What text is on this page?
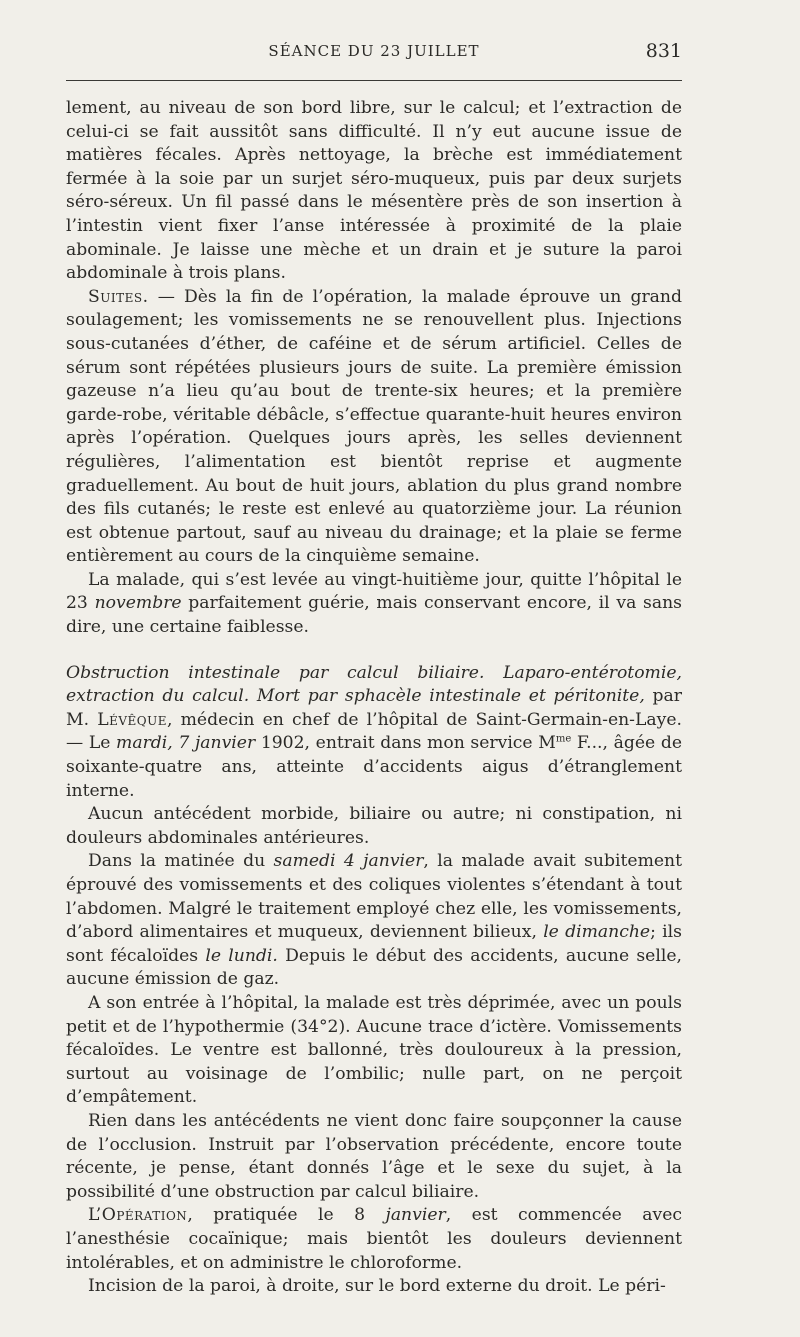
SÉANCE DU 23 JUILLET	831

lement, au niveau de son bord libre, sur le calcul; et l’extraction de celui-ci se fait aussitôt sans difficulté. Il n’y eut aucune issue de matières fécales. Après nettoyage, la brèche est immédiatement fermée à la soie par un surjet séro-muqueux, puis par deux surjets séro-séreux. Un fil passé dans le mésentère près de son insertion à l’intestin vient fixer l’anse intéressée à proximité de la plaie abominale. Je laisse une mèche et un drain et je suture la paroi abdominale à trois plans.

Suites. — Dès la fin de l’opération, la malade éprouve un grand soulagement; les vomissements ne se renouvellent plus. Injections sous-cutanées d’éther, de caféine et de sérum artificiel. Celles de sérum sont répétées plusieurs jours de suite. La première émission gazeuse n’a lieu qu’au bout de trente-six heures; et la première garde-robe, véritable débâcle, s’effectue quarante-huit heures environ après l’opération. Quelques jours après, les selles deviennent régulières, l’alimentation est bientôt reprise et augmente graduellement. Au bout de huit jours, ablation du plus grand nombre des fils cutanés; le reste est enlevé au quatorzième jour. La réunion est obtenue partout, sauf au niveau du drainage; et la plaie se ferme entièrement au cours de la cinquième semaine.

La malade, qui s’est levée au vingt-huitième jour, quitte l’hôpital le 23 novembre parfaitement guérie, mais conservant encore, il va sans dire, une certaine faiblesse.

Obstruction intestinale par calcul biliaire. Laparo-entérotomie, extraction du calcul. Mort par sphacèle intestinale et péritonite, par M. Lévêque, médecin en chef de l’hôpital de Saint-Germain-en-Laye. — Le mardi, 7 janvier 1902, entrait dans mon service $M^{me}$ F..., âgée de soixante-quatre ans, atteinte d’accidents aigus d’étranglement interne.

Aucun antécédent morbide, biliaire ou autre; ni constipation, ni douleurs abdominales antérieures.

Dans la matinée du samedi 4 janvier, la malade avait subitement éprouvé des vomissements et des coliques violentes s’étendant à tout l’abdomen. Malgré le traitement employé chez elle, les vomissements, d’abord alimentaires et muqueux, deviennent bilieux, le dimanche; ils sont fécaloïdes le lundi. Depuis le début des accidents, aucune selle, aucune émission de gaz.

A son entrée à l’hôpital, la malade est très déprimée, avec un pouls petit et de l’hypothermie (34°2). Aucune trace d’ictère. Vomissements fécaloïdes. Le ventre est ballonné, très douloureux à la pression, surtout au voisinage de l’ombilic; nulle part, on ne perçoit d’empâtement.

Rien dans les antécédents ne vient donc faire soupçonner la cause de l’occlusion. Instruit par l’observation précédente, encore toute récente, je pense, étant donnés l’âge et le sexe du sujet, à la possibilité d’une obstruction par calcul biliaire.

L’Opération, pratiquée le 8 janvier, est commencée avec l’anesthésie cocaïnique; mais bientôt les douleurs deviennent intolérables, et on administre le chloroforme.

Incision de la paroi, à droite, sur le bord externe du droit. Le péri-
